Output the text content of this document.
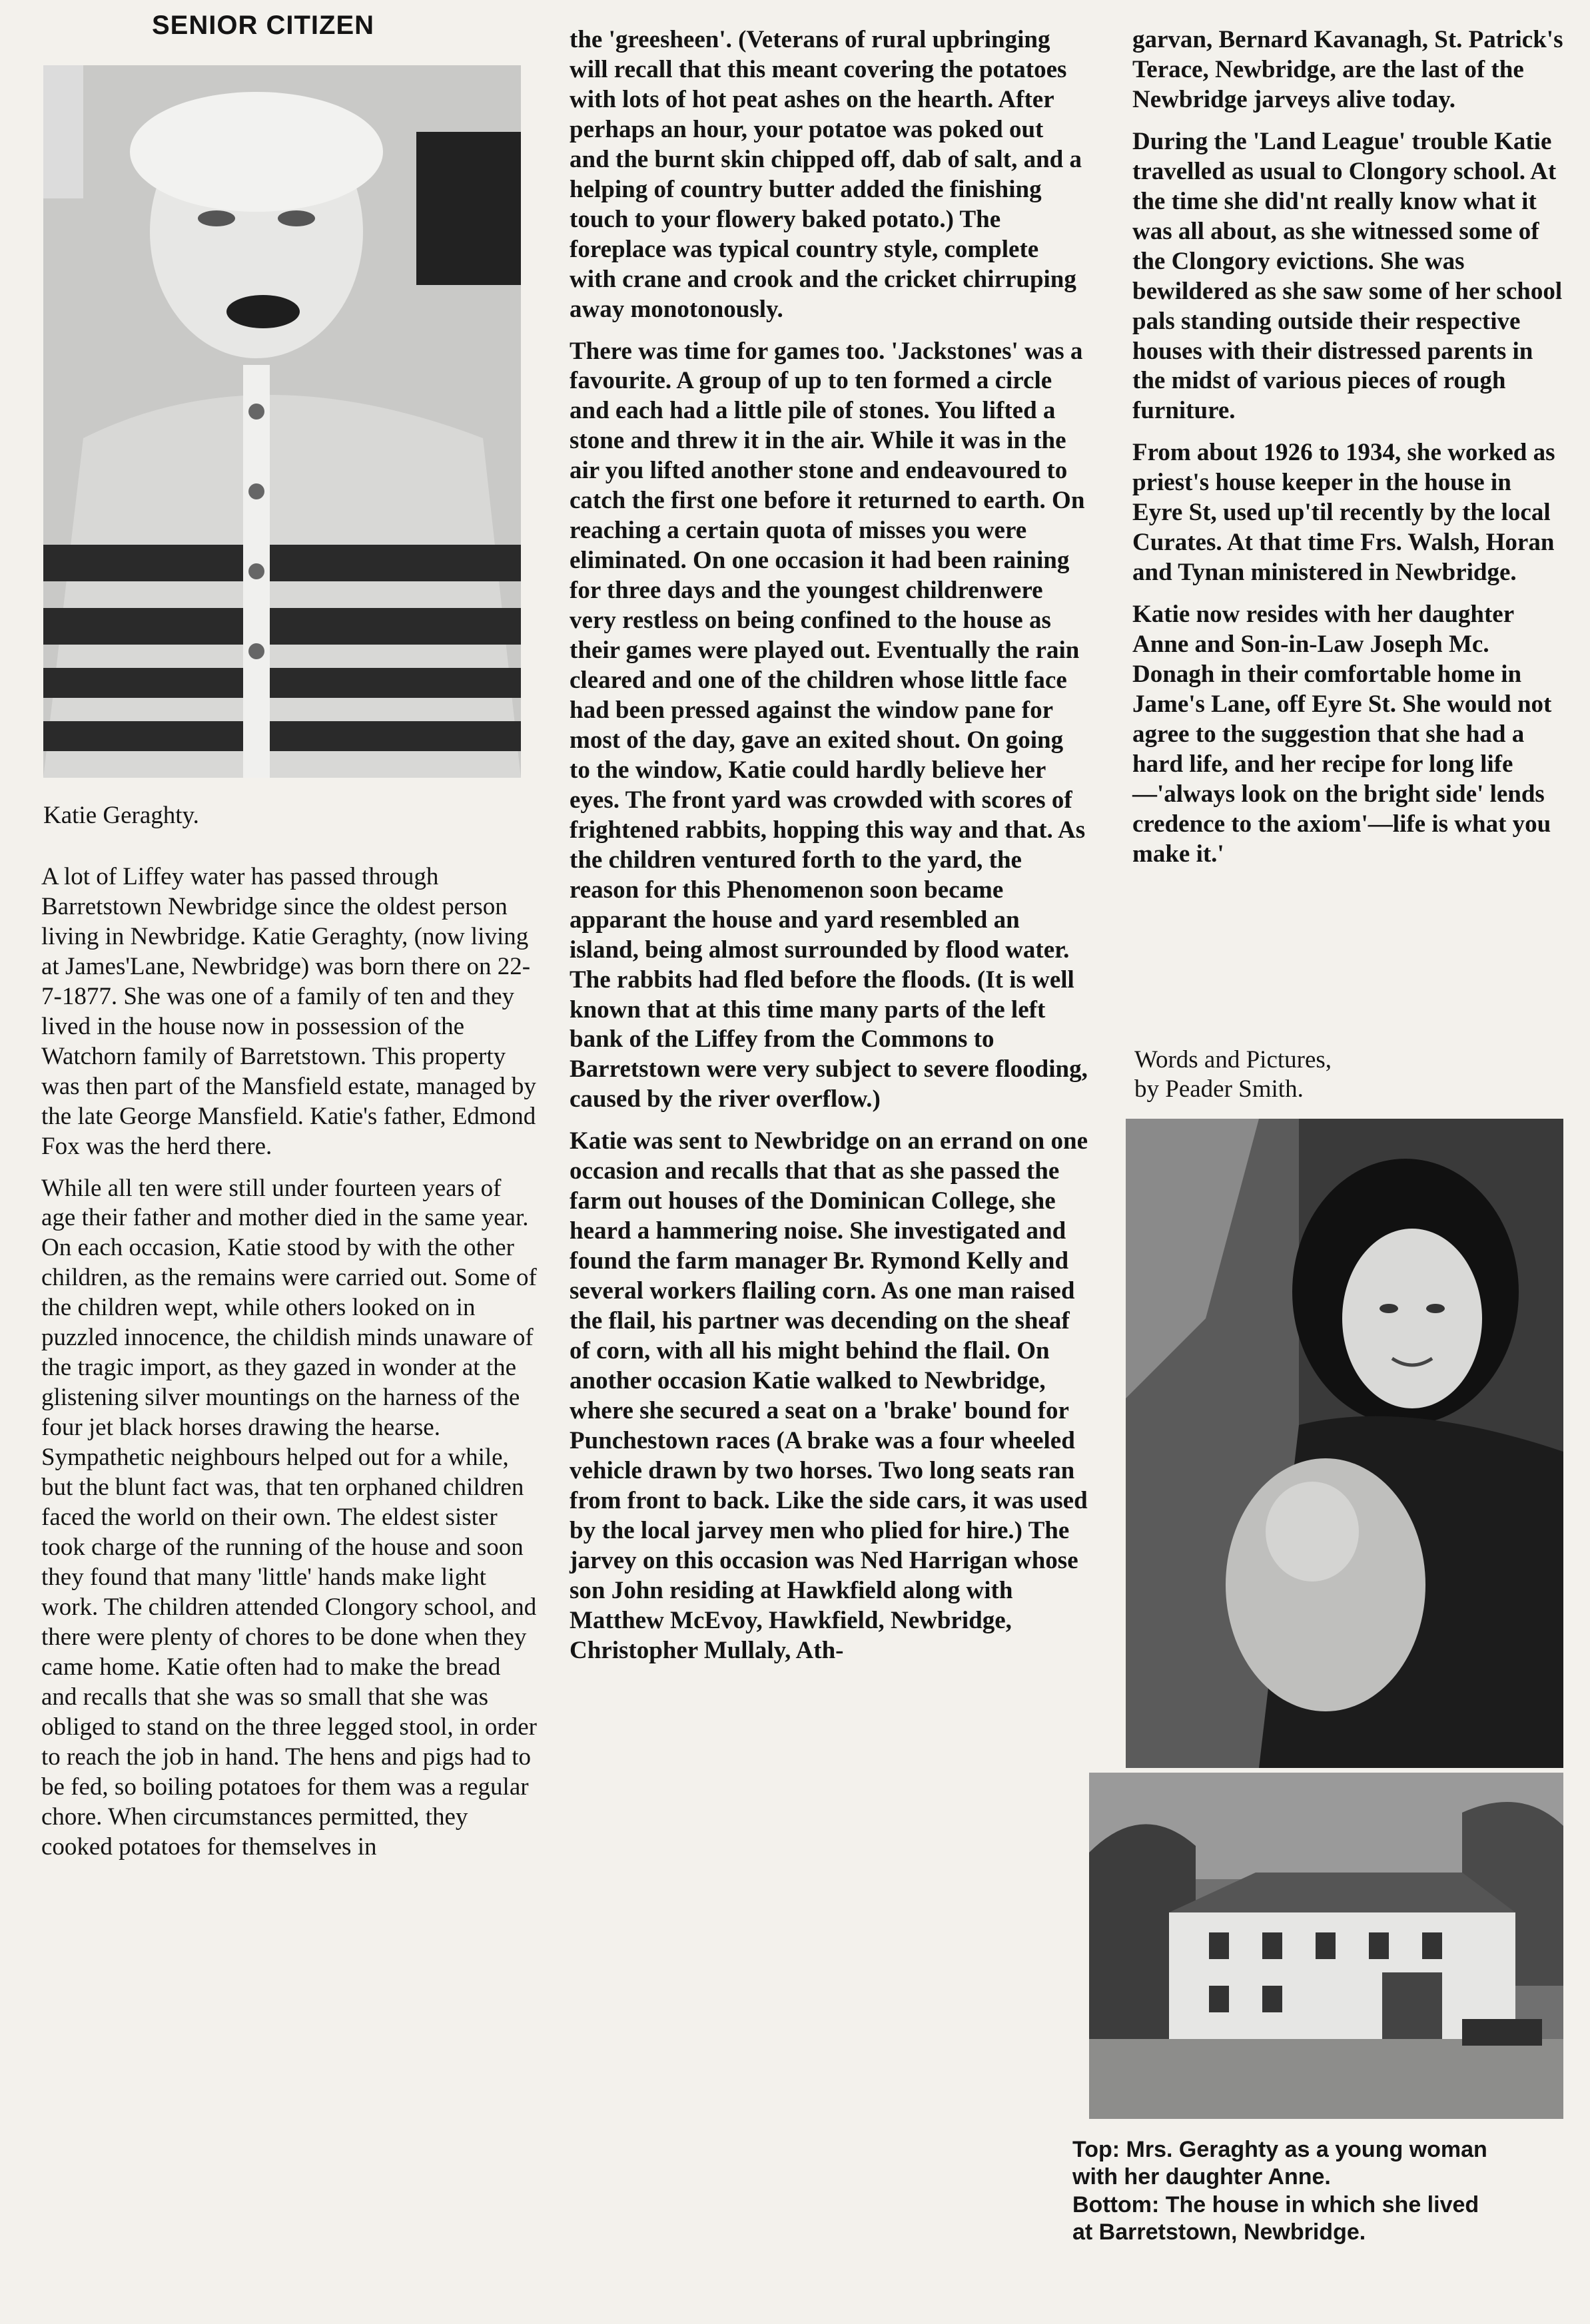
SENIOR CITIZEN
Katie Geraghty.

A lot of Liffey water has passed through Barretstown Newbridge since the oldest person living in Newbridge. Katie Geraghty, (now living at James'Lane, Newbridge) was born there on 22-7-1877. She was one of a family of ten and they lived in the house now in possession of the Watchorn family of Barretstown. This property was then part of the Mansfield estate, managed by the late George Mansfield. Katie's father, Edmond Fox was the herd there.

While all ten were still under fourteen years of age their father and mother died in the same year. On each occasion, Katie stood by with the other children, as the remains were carried out. Some of the children wept, while others looked on in puzzled innocence, the childish minds unaware of the tragic import, as they gazed in wonder at the glistening silver mountings on the harness of the four jet black horses drawing the hearse. Sympathetic neighbours helped out for a while, but the blunt fact was, that ten orphaned children faced the world on their own. The eldest sister took charge of the running of the house and soon they found that many 'little' hands make light work. The children attended Clongory school, and there were plenty of chores to be done when they came home. Katie often had to make the bread and recalls that she was so small that she was obliged to stand on the three legged stool, in order to reach the job in hand. The hens and pigs had to be fed, so boiling potatoes for them was a regular chore. When circumstances permitted, they cooked potatoes for themselves in

the 'greesheen'. (Veterans of rural upbringing will recall that this meant covering the potatoes with lots of hot peat ashes on the hearth. After perhaps an hour, your potatoe was poked out and the burnt skin chipped off, dab of salt, and a helping of country butter added the finishing touch to your flowery baked potato.) The foreplace was typical country style, complete with crane and crook and the cricket chirruping away monotonously.

There was time for games too. 'Jackstones' was a favourite. A group of up to ten formed a circle and each had a little pile of stones. You lifted a stone and threw it in the air. While it was in the air you lifted another stone and endeavoured to catch the first one before it returned to earth. On reaching a certain quota of misses you were eliminated. On one occasion it had been raining for three days and the youngest childrenwere very restless on being confined to the house as their games were played out. Eventually the rain cleared and one of the children whose little face had been pressed against the window pane for most of the day, gave an exited shout. On going to the window, Katie could hardly believe her eyes. The front yard was crowded with scores of frightened rabbits, hopping this way and that. As the children ventured forth to the yard, the reason for this Phenomenon soon became apparant the house and yard resembled an island, being almost surrounded by flood water. The rabbits had fled before the floods. (It is well known that at this time many parts of the left bank of the Liffey from the Commons to Barretstown were very subject to severe flooding, caused by the river overflow.)

Katie was sent to Newbridge on an errand on one occasion and recalls that that as she passed the farm out houses of the Dominican College, she heard a hammering noise. She investigated and found the farm manager Br. Rymond Kelly and several workers flailing corn. As one man raised the flail, his partner was decending on the sheaf of corn, with all his might behind the flail. On another occasion Katie walked to Newbridge, where she secured a seat on a 'brake' bound for Punchestown races (A brake was a four wheeled vehicle drawn by two horses. Two long seats ran from front to back. Like the side cars, it was used by the local jarvey men who plied for hire.) The jarvey on this occasion was Ned Harrigan whose son John residing at Hawkfield along with Matthew McEvoy, Hawkfield, Newbridge, Christopher Mullaly, Ath-

garvan, Bernard Kavanagh, St. Patrick's Terace, Newbridge, are the last of the Newbridge jarveys alive today.

During the 'Land League' trouble Katie travelled as usual to Clongory school. At the time she did'nt really know what it was all about, as she witnessed some of the Clongory evictions. She was bewildered as she saw some of her school pals standing outside their respective houses with their distressed parents in the midst of various pieces of rough furniture.

From about 1926 to 1934, she worked as priest's house keeper in the house in Eyre St, used up'til recently by the local Curates. At that time Frs. Walsh, Horan and Tynan ministered in Newbridge.

Katie now resides with her daughter Anne and Son-in-Law Joseph Mc. Donagh in their comfortable home in Jame's Lane, off Eyre St. She would not agree to the suggestion that she had a hard life, and her recipe for long life—'always look on the bright side' lends credence to the axiom'—life is what you make it.'

Words and Pictures,
by Peader Smith.
Top: Mrs. Geraghty as a young woman
with her daughter Anne.
Bottom: The house in which she lived
at Barretstown, Newbridge.
